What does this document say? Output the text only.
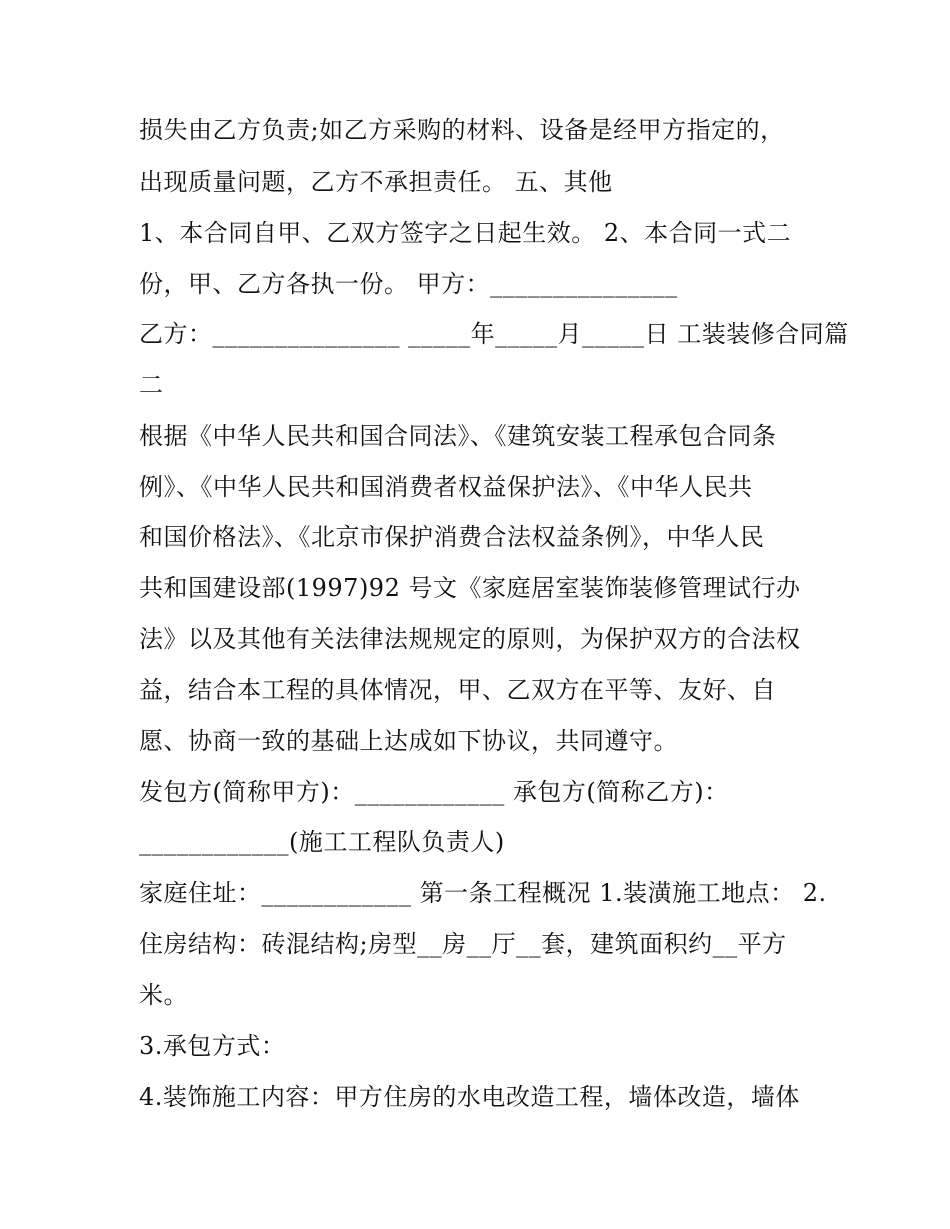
损失由乙方负责;如乙方采购的材料、设备是经甲方指定的，
出现质量问题，乙方不承担责任。 五、其他
1、本合同自甲、乙双方签字之日起生效。 2、本合同一式二
份，甲、乙方各执一份。 甲方：_______________
乙方：_______________ _____年_____月_____日 工装装修合同篇
二
根据《中华人民共和国合同法》、《建筑安装工程承包合同条
例》、《中华人民共和国消费者权益保护法》、《中华人民共
和国价格法》、《北京市保护消费合法权益条例》，中华人民
共和国建设部(1997)92 号文《家庭居室装饰装修管理试行办
法》以及其他有关法律法规规定的原则，为保护双方的合法权
益，结合本工程的具体情况，甲、乙双方在平等、友好、自
愿、协商一致的基础上达成如下协议，共同遵守。
发包方(简称甲方)：____________ 承包方(简称乙方)：
____________(施工工程队负责人)
家庭住址：____________ 第一条工程概况 1.装潢施工地点： 2.
住房结构：砖混结构;房型__房__厅__套，建筑面积约__平方
米。
3.承包方式：
4.装饰施工内容：甲方住房的水电改造工程，墙体改造，墙体
